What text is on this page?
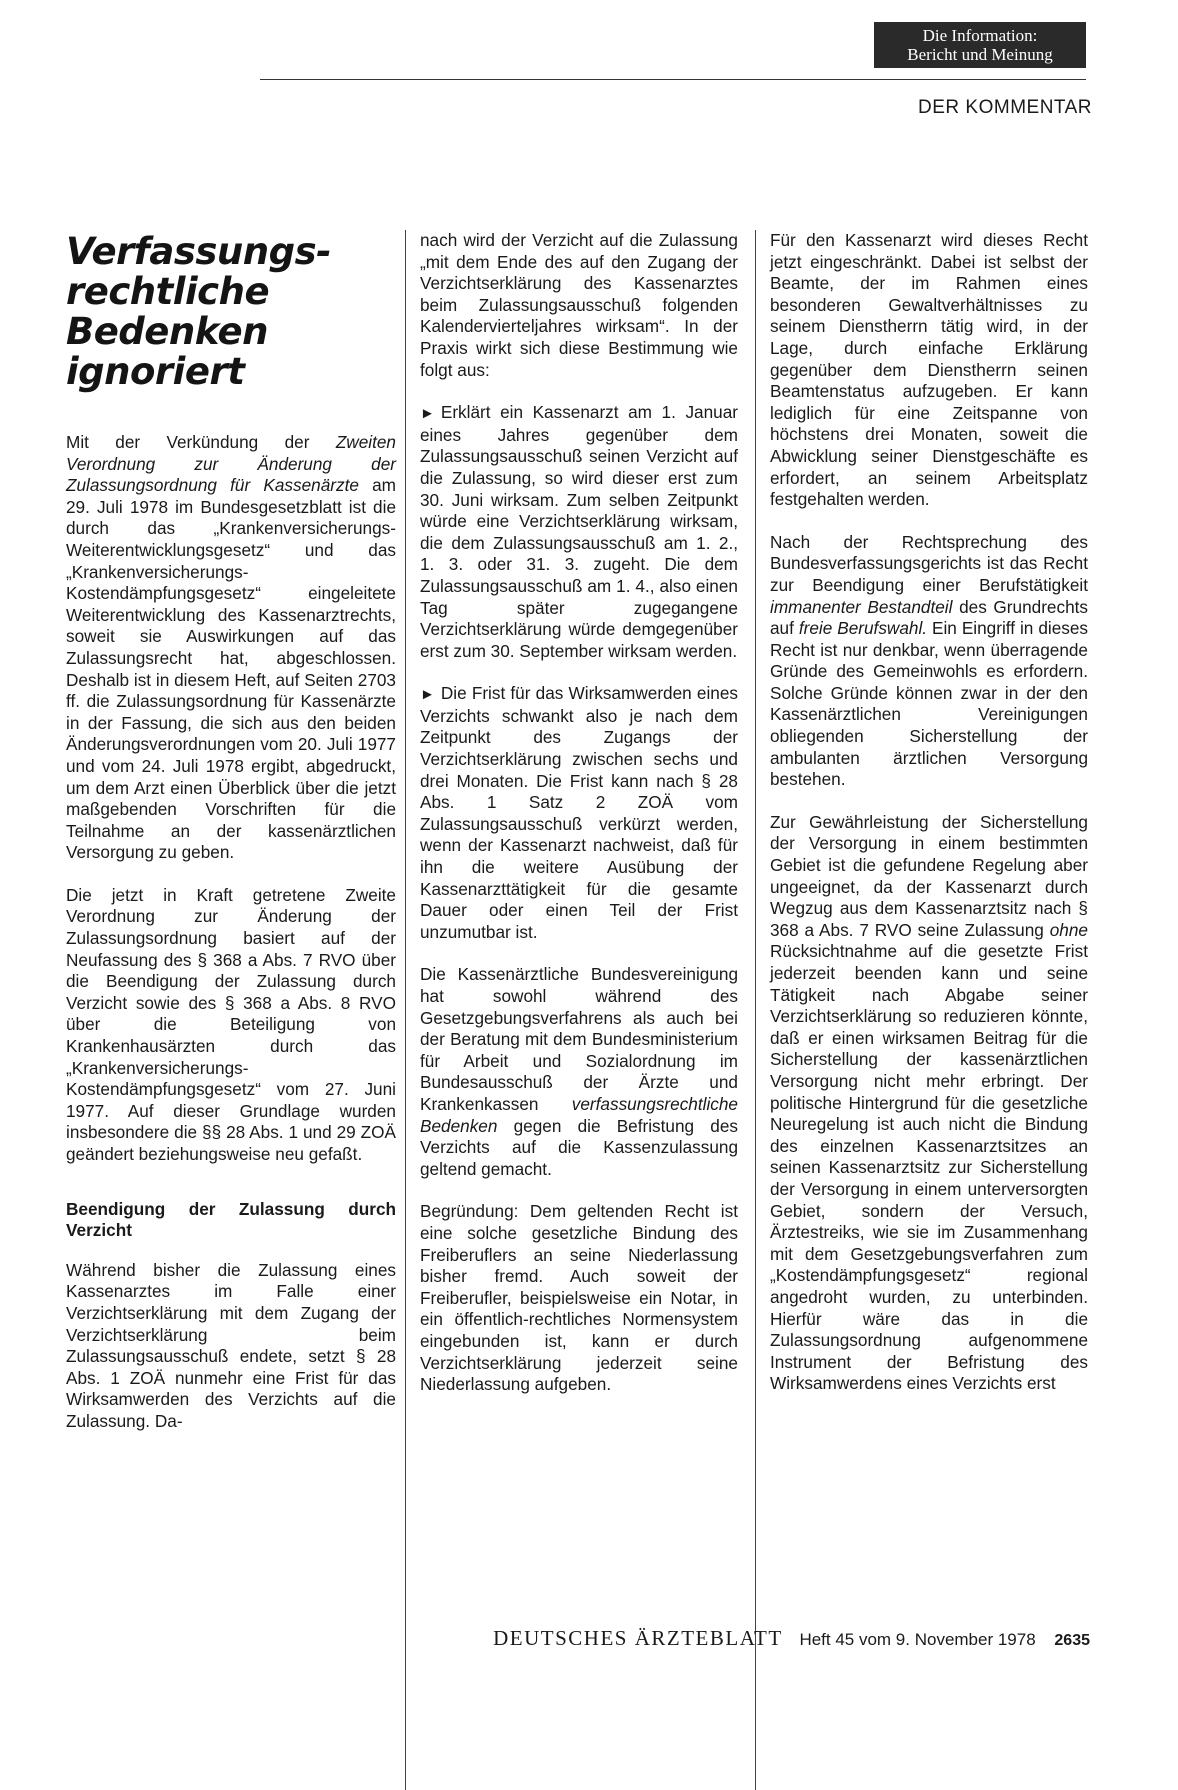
Die Information:
Bericht und Meinung
DER KOMMENTAR
Verfassungs-
rechtliche
Bedenken
ignoriert

Mit der Verkündung der Zweiten Verordnung zur Änderung der Zulassungsordnung für Kassenärzte am 29. Juli 1978 im Bundesgesetzblatt ist die durch das „Krankenversicherungs-Weiterentwicklungsgesetz“ und das „Krankenversicherungs-Kostendämpfungsgesetz“ eingeleitete Weiterentwicklung des Kassenarztrechts, soweit sie Auswirkungen auf das Zulassungsrecht hat, abgeschlossen. Deshalb ist in diesem Heft, auf Seiten 2703 ff. die Zulassungsordnung für Kassenärzte in der Fassung, die sich aus den beiden Änderungsverordnungen vom 20. Juli 1977 und vom 24. Juli 1978 ergibt, abgedruckt, um dem Arzt einen Überblick über die jetzt maßgebenden Vorschriften für die Teilnahme an der kassenärztlichen Versorgung zu geben.

Die jetzt in Kraft getretene Zweite Verordnung zur Änderung der Zulassungsordnung basiert auf der Neufassung des § 368 a Abs. 7 RVO über die Beendigung der Zulassung durch Verzicht sowie des § 368 a Abs. 8 RVO über die Beteiligung von Krankenhausärzten durch das „Krankenversicherungs-Kostendämpfungsgesetz“ vom 27. Juni 1977. Auf dieser Grundlage wurden insbesondere die §§ 28 Abs. 1 und 29 ZOÄ geändert beziehungsweise neu gefaßt.

Beendigung der Zulassung durch Verzicht

Während bisher die Zulassung eines Kassenarztes im Falle einer Verzichtserklärung mit dem Zugang der Verzichtserklärung beim Zulassungsausschuß endete, setzt § 28 Abs. 1 ZOÄ nunmehr eine Frist für das Wirksamwerden des Verzichts auf die Zulassung. Da-

nach wird der Verzicht auf die Zulassung „mit dem Ende des auf den Zugang der Verzichtserklärung des Kassenarztes beim Zulassungsausschuß folgenden Kalendervierteljahres wirksam“. In der Praxis wirkt sich diese Bestimmung wie folgt aus:

► Erklärt ein Kassenarzt am 1. Januar eines Jahres gegenüber dem Zulassungsausschuß seinen Verzicht auf die Zulassung, so wird dieser erst zum 30. Juni wirksam. Zum selben Zeitpunkt würde eine Verzichtserklärung wirksam, die dem Zulassungsausschuß am 1. 2., 1. 3. oder 31. 3. zugeht. Die dem Zulassungsausschuß am 1. 4., also einen Tag später zugegangene Verzichtserklärung würde demgegenüber erst zum 30. September wirksam werden.

► Die Frist für das Wirksamwerden eines Verzichts schwankt also je nach dem Zeitpunkt des Zugangs der Verzichtserklärung zwischen sechs und drei Monaten. Die Frist kann nach § 28 Abs. 1 Satz 2 ZOÄ vom Zulassungsausschuß verkürzt werden, wenn der Kassenarzt nachweist, daß für ihn die weitere Ausübung der Kassenarzttätigkeit für die gesamte Dauer oder einen Teil der Frist unzumutbar ist.

Die Kassenärztliche Bundesvereinigung hat sowohl während des Gesetzgebungsverfahrens als auch bei der Beratung mit dem Bundesministerium für Arbeit und Sozialordnung im Bundesausschuß der Ärzte und Krankenkassen verfassungsrechtliche Bedenken gegen die Befristung des Verzichts auf die Kassenzulassung geltend gemacht.

Begründung: Dem geltenden Recht ist eine solche gesetzliche Bindung des Freiberuflers an seine Niederlassung bisher fremd. Auch soweit der Freiberufler, beispielsweise ein Notar, in ein öffentlich-rechtliches Normensystem eingebunden ist, kann er durch Verzichtserklärung jederzeit seine Niederlassung aufgeben.

Für den Kassenarzt wird dieses Recht jetzt eingeschränkt. Dabei ist selbst der Beamte, der im Rahmen eines besonderen Gewaltverhältnisses zu seinem Dienstherrn tätig wird, in der Lage, durch einfache Erklärung gegenüber dem Dienstherrn seinen Beamtenstatus aufzugeben. Er kann lediglich für eine Zeitspanne von höchstens drei Monaten, soweit die Abwicklung seiner Dienstgeschäfte es erfordert, an seinem Arbeitsplatz festgehalten werden.

Nach der Rechtsprechung des Bundesverfassungsgerichts ist das Recht zur Beendigung einer Berufstätigkeit immanenter Bestandteil des Grundrechts auf freie Berufswahl. Ein Eingriff in dieses Recht ist nur denkbar, wenn überragende Gründe des Gemeinwohls es erfordern. Solche Gründe können zwar in der den Kassenärztlichen Vereinigungen obliegenden Sicherstellung der ambulanten ärztlichen Versorgung bestehen.

Zur Gewährleistung der Sicherstellung der Versorgung in einem bestimmten Gebiet ist die gefundene Regelung aber ungeeignet, da der Kassenarzt durch Wegzug aus dem Kassenarztsitz nach § 368 a Abs. 7 RVO seine Zulassung ohne Rücksichtnahme auf die gesetzte Frist jederzeit beenden kann und seine Tätigkeit nach Abgabe seiner Verzichtserklärung so reduzieren könnte, daß er einen wirksamen Beitrag für die Sicherstellung der kassenärztlichen Versorgung nicht mehr erbringt. Der politische Hintergrund für die gesetzliche Neuregelung ist auch nicht die Bindung des einzelnen Kassenarztsitzes an seinen Kassenarztsitz zur Sicherstellung der Versorgung in einem unterversorgten Gebiet, sondern der Versuch, Ärztestreiks, wie sie im Zusammenhang mit dem Gesetzgebungsverfahren zum „Kostendämpfungsgesetz“ regional angedroht wurden, zu unterbinden. Hierfür wäre das in die Zulassungsordnung aufgenommene Instrument der Befristung des Wirksamwerdens eines Verzichts erst

DEUTSCHES ÄRZTEBLATT Heft 45 vom 9. November 1978 2635
